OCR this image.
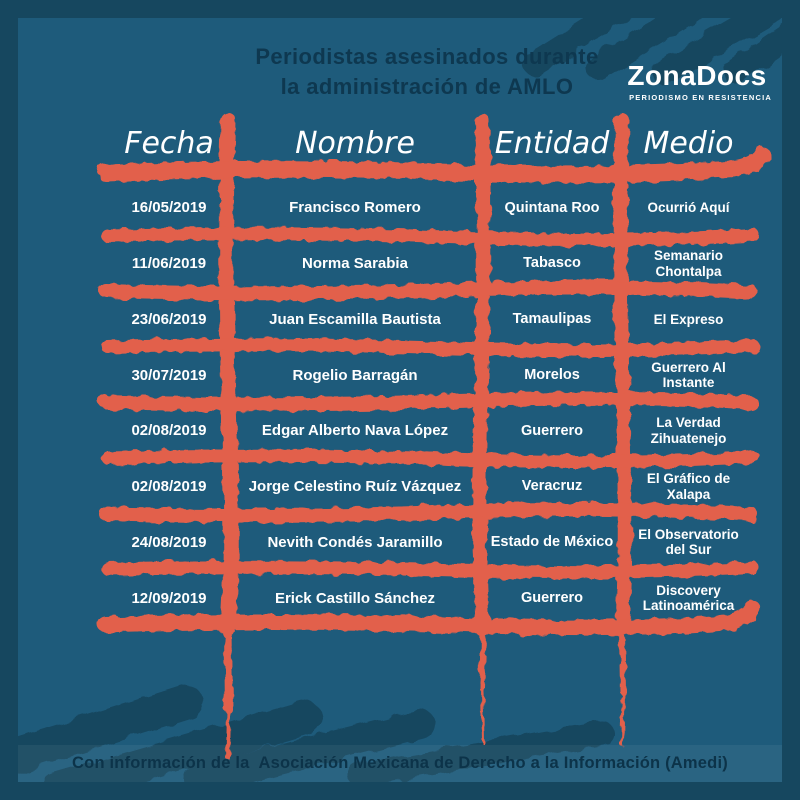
Con información de la  Asociación Mexicana de Derecho a la Información (Amedi)
Periodistas asesinados durante
la administración de AMLO	ZonaDocs
PERIODISMO EN RESISTENCIA
Fecha	Nombre	Entidad	Medio
16/05/2019	Francisco Romero	Quintana Roo	Ocurrió Aquí
11/06/2019	Norma Sarabia	Tabasco	Semanario Chontalpa
23/06/2019	Juan Escamilla Bautista	Tamaulipas	El Expreso
30/07/2019	Rogelio Barragán	Morelos	Guerrero Al Instante
02/08/2019	Edgar Alberto Nava López	Guerrero	La Verdad Zihuatenejo
02/08/2019	Jorge Celestino Ruíz Vázquez	Veracruz	El Gráfico de Xalapa
24/08/2019	Nevith Condés Jaramillo	Estado de México	El Observatorio del Sur
12/09/2019	Erick Castillo Sánchez	Guerrero	Discovery Latinoamérica
